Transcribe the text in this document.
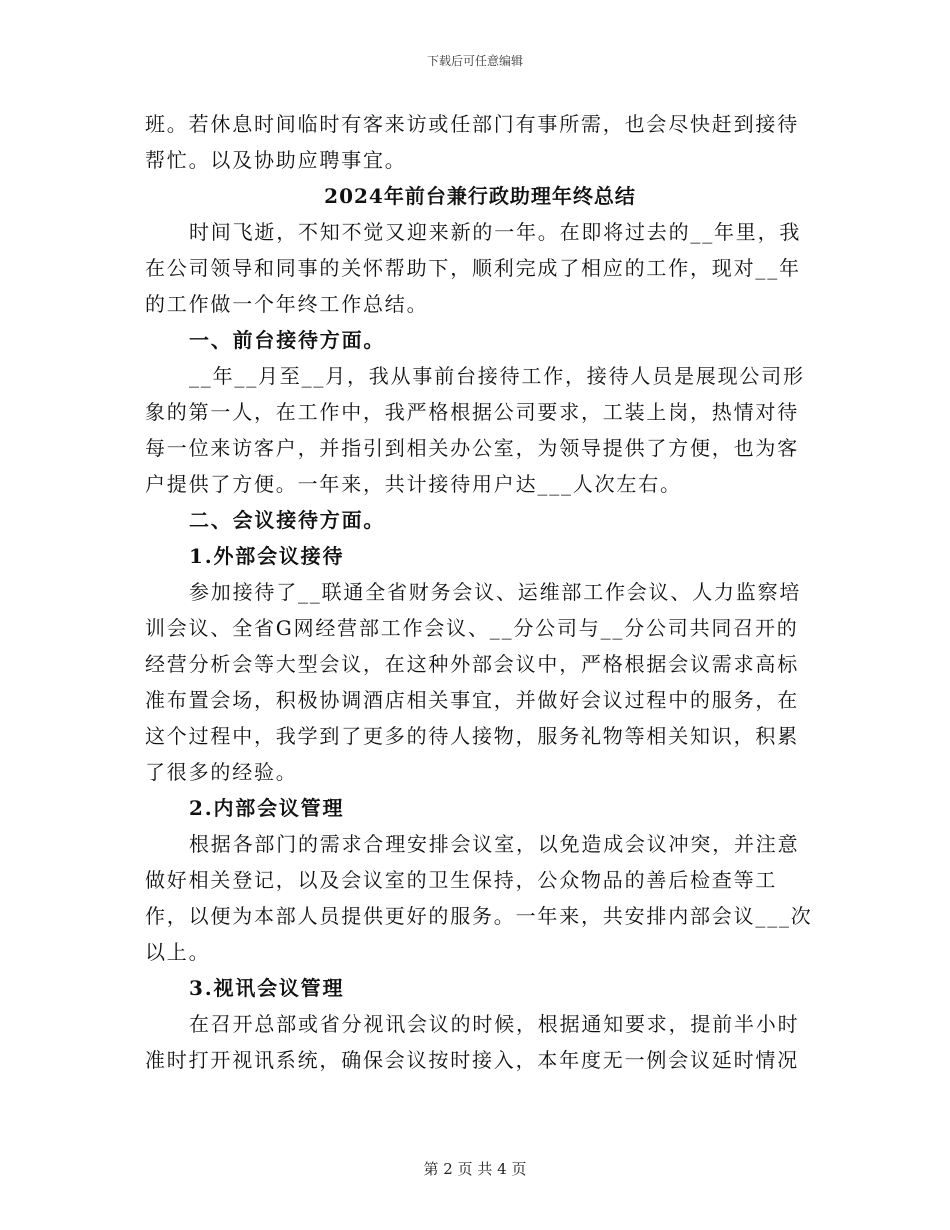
下载后可任意编辑

班。若休息时间临时有客来访或任部门有事所需，也会尽快赶到接待帮忙。以及协助应聘事宜。

2024年前台兼行政助理年终总结

时间飞逝，不知不觉又迎来新的一年。在即将过去的__年里，我在公司领导和同事的关怀帮助下，顺利完成了相应的工作，现对__年的工作做一个年终工作总结。

一、前台接待方面。

__年__月至__月，我从事前台接待工作，接待人员是展现公司形象的第一人，在工作中，我严格根据公司要求，工装上岗，热情对待每一位来访客户，并指引到相关办公室，为领导提供了方便，也为客户提供了方便。一年来，共计接待用户达___人次左右。

二、会议接待方面。

1.外部会议接待

参加接待了__联通全省财务会议、运维部工作会议、人力监察培训会议、全省G网经营部工作会议、__分公司与__分公司共同召开的经营分析会等大型会议，在这种外部会议中，严格根据会议需求高标准布置会场，积极协调酒店相关事宜，并做好会议过程中的服务，在这个过程中，我学到了更多的待人接物，服务礼物等相关知识，积累了很多的经验。

2.内部会议管理

根据各部门的需求合理安排会议室，以免造成会议冲突，并注意做好相关登记，以及会议室的卫生保持，公众物品的善后检查等工作，以便为本部人员提供更好的服务。一年来，共安排内部会议___次以上。

3.视讯会议管理

在召开总部或省分视讯会议的时候，根据通知要求，提前半小时准时打开视讯系统，确保会议按时接入，本年度无一例会议延时情况

第 2 页 共 4 页
